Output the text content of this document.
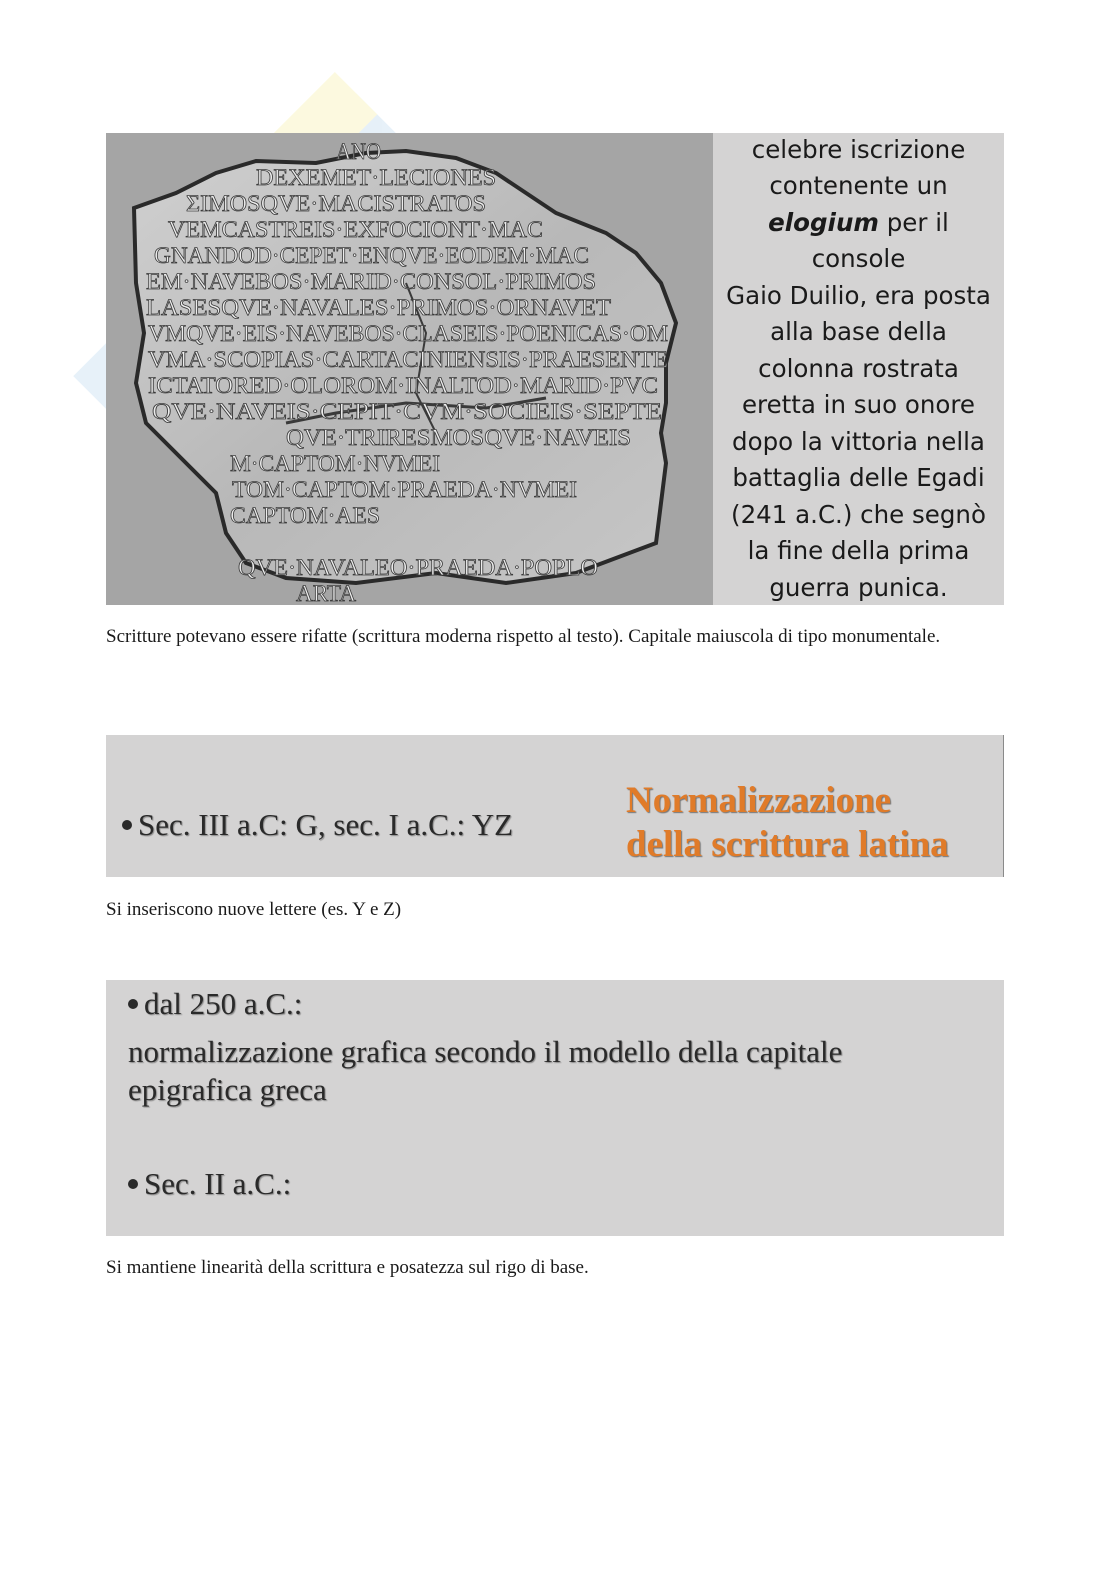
ANO
DEXEMET·LECIONES
ΣIMOSQVE·MACISTRATOS
VEMCASTREIS·EXFOCIONT·MAC
GNANDOD·CEPET·ENQVE·EODEM·MAC
EM·NAVEBOS·MARID·CONSOL·PRIMOS
LASESQVE·NAVALES·PRIMOS·ORNAVET
VMQVE·EIS·NAVEBOS·CLASEIS·POENICAS·OM
VMA·SCOPIAS·CARTACINIENSIS·PRAESENTE
ICTATORED·OLOROM·INALTOD·MARID·PVC
QVE·NAVEIS·CEPIT·CVM·SOCIEIS·SEPTE
QVE·TRIRESMOSQVE·NAVEIS
M·CAPTOM·NVMEI
TOM·CAPTOM·PRAEDA·NVMEI
CAPTOM·AES
QVE·NAVALEO·PRAEDA·POPLO
ARTA
celebre iscrizione
contenente un
elogium per il console
Gaio Duilio, era posta
alla base della
colonna rostrata
eretta in suo onore
dopo la vittoria nella
battaglia delle Egadi
(241 a.C.) che segnò
la fine della prima
guerra punica.
Scritture potevano essere rifatte (scrittura moderna rispetto al testo). Capitale maiuscola di tipo monumentale.
Sec. III a.C: G, sec. I a.C.: YZ
Normalizzazione
della scrittura latina
Si inseriscono nuove lettere (es. Y e Z)
dal 250 a.C.:
normalizzazione grafica secondo il modello della capitale
epigrafica greca
Sec. II a.C.:
Si mantiene linearità della scrittura e posatezza sul rigo di base.
